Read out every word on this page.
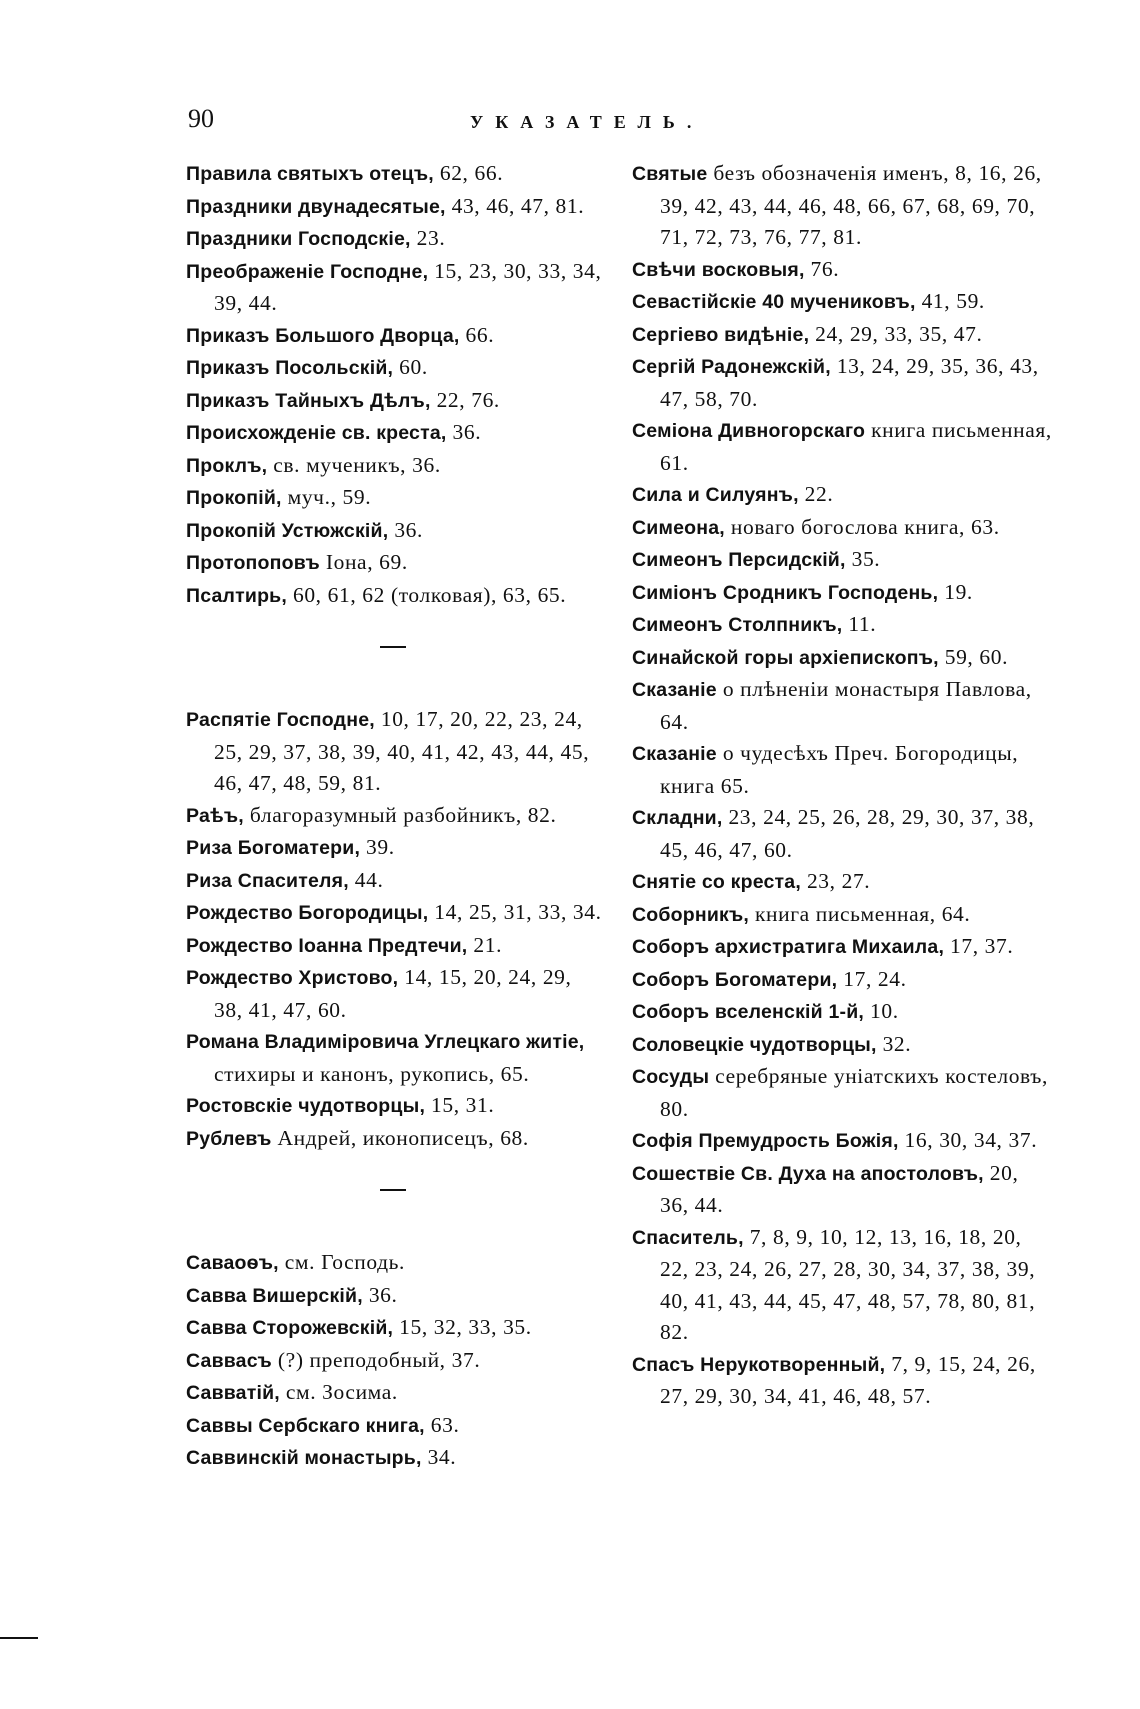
90	УКАЗАТЕЛЬ.
Правила святыхъ отецъ, 62, 66.
Праздники двунадесятые, 43, 46, 47, 81.
Праздники Господскіе, 23.
Преображеніе Господне, 15, 23, 30, 33, 34, 39, 44.
Приказъ Большого Дворца, 66.
Приказъ Посольскій, 60.
Приказъ Тайныхъ Дѣлъ, 22, 76.
Происхожденіе св. креста, 36.
Проклъ, св. мученикъ, 36.
Прокопій, муч., 59.
Прокопій Устюжскій, 36.
Протопоповъ Іона, 69.
Псалтирь, 60, 61, 62 (толковая), 63, 65.
Распятіе Господне, 10, 17, 20, 22, 23, 24, 25, 29, 37, 38, 39, 40, 41, 42, 43, 44, 45, 46, 47, 48, 59, 81.
Раѣъ, благоразумный разбойникъ, 82.
Риза Богоматери, 39.
Риза Спасителя, 44.
Рождество Богородицы, 14, 25, 31, 33, 34.
Рождество Іоанна Предтечи, 21.
Рождество Христово, 14, 15, 20, 24, 29, 38, 41, 47, 60.
Романа Владиміровича Углецкаго житіе, стихиры и канонъ, рукопись, 65.
Ростовскіе чудотворцы, 15, 31.
Рублевъ Андрей, иконописецъ, 68.
Саваоѳъ, см. Господь.
Савва Вишерскій, 36.
Савва Сторожевскій, 15, 32, 33, 35.
Саввасъ (?) преподобный, 37.
Савватій, см. Зосима.
Саввы Сербскаго книга, 63.
Саввинскій монастырь, 34.
Святые безъ обозначенія именъ, 8, 16, 26, 39, 42, 43, 44, 46, 48, 66, 67, 68, 69, 70, 71, 72, 73, 76, 77, 81.
Свѣчи восковыя, 76.
Севастійскіе 40 мучениковъ, 41, 59.
Сергіево видѣніе, 24, 29, 33, 35, 47.
Сергій Радонежскій, 13, 24, 29, 35, 36, 43, 47, 58, 70.
Семіона Дивногорскаго книга письменная, 61.
Сила и Силуянъ, 22.
Симеона, новаго богослова книга, 63.
Симеонъ Персидскій, 35.
Симіонъ Сродникъ Господень, 19.
Симеонъ Столпникъ, 11.
Синайской горы архіепископъ, 59, 60.
Сказаніе о плѣненіи монастыря Павлова, 64.
Сказаніе о чудесѣхъ Преч. Богородицы, книга 65.
Складни, 23, 24, 25, 26, 28, 29, 30, 37, 38, 45, 46, 47, 60.
Снятіе со креста, 23, 27.
Соборникъ, книга письменная, 64.
Соборъ архистратига Михаила, 17, 37.
Соборъ Богоматери, 17, 24.
Соборъ вселенскій 1-й, 10.
Соловецкіе чудотворцы, 32.
Сосуды серебряные уніатскихъ костеловъ, 80.
Софія Премудрость Божія, 16, 30, 34, 37.
Сошествіе Св. Духа на апостоловъ, 20, 36, 44.
Спаситель, 7, 8, 9, 10, 12, 13, 16, 18, 20, 22, 23, 24, 26, 27, 28, 30, 34, 37, 38, 39, 40, 41, 43, 44, 45, 47, 48, 57, 78, 80, 81, 82.
Спасъ Нерукотворенный, 7, 9, 15, 24, 26, 27, 29, 30, 34, 41, 46, 48, 57.
